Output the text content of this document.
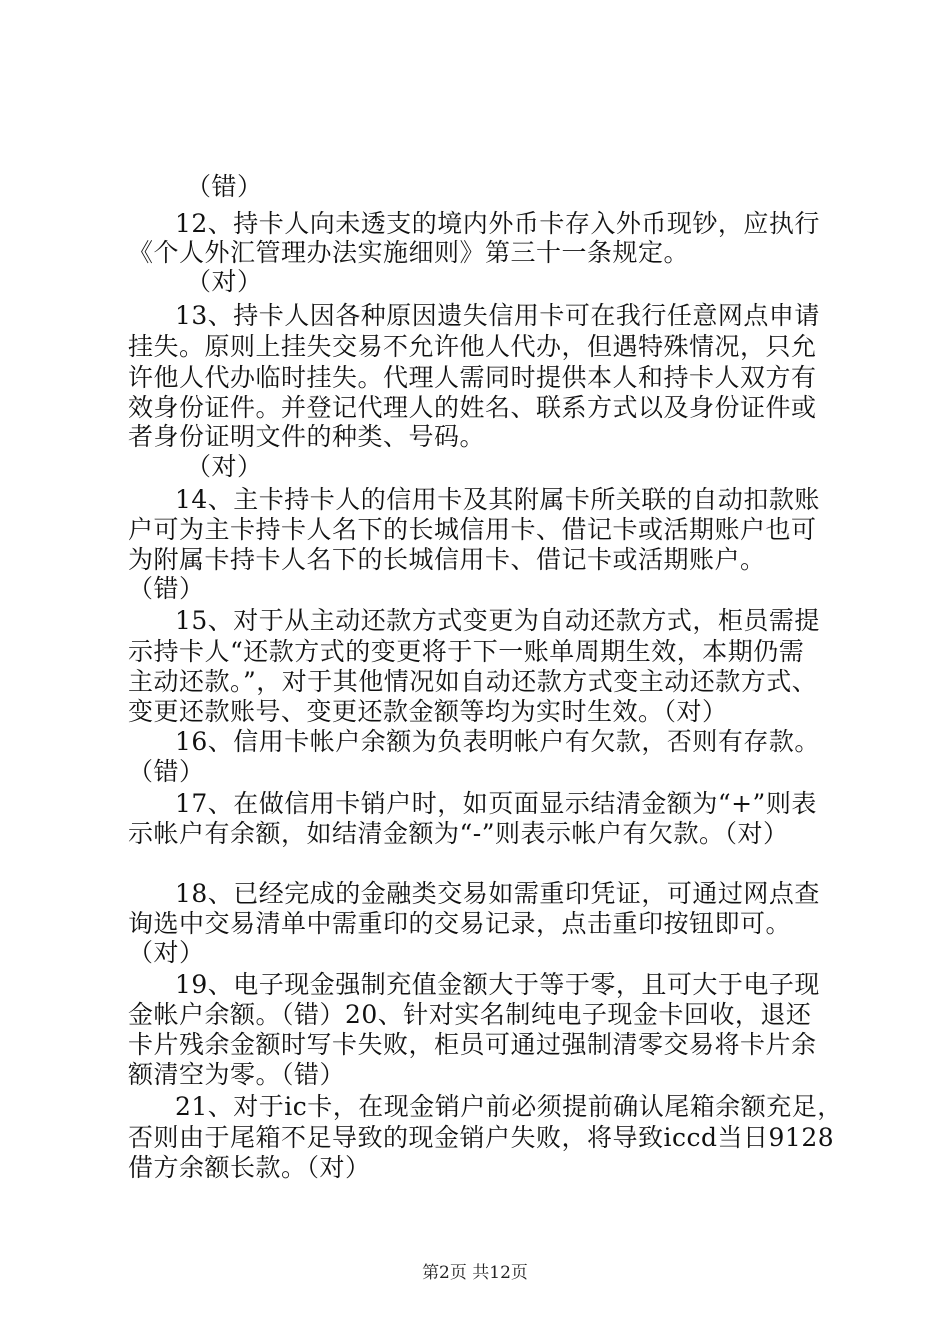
（错）
12、持卡人向未透支的境内外币卡存入外币现钞，应执行
《个人外汇管理办法实施细则》第三十一条规定。
（对）
13、持卡人因各种原因遗失信用卡可在我行任意网点申请
挂失。原则上挂失交易不允许他人代办，但遇特殊情况，只允
许他人代办临时挂失。代理人需同时提供本人和持卡人双方有
效身份证件。并登记代理人的姓名、联系方式以及身份证件或
者身份证明文件的种类、号码。
（对）
14、主卡持卡人的信用卡及其附属卡所关联的自动扣款账
户可为主卡持卡人名下的长城信用卡、借记卡或活期账户也可
为附属卡持卡人名下的长城信用卡、借记卡或活期账户。
（错）
15、对于从主动还款方式变更为自动还款方式，柜员需提
示持卡人“还款方式的变更将于下一账单周期生效，本期仍需
主动还款。”，对于其他情况如自动还款方式变主动还款方式、
变更还款账号、变更还款金额等均为实时生效。（对）
16、信用卡帐户余额为负表明帐户有欠款，否则有存款。
（错）
17、在做信用卡销户时，如页面显示结清金额为“+”则表
示帐户有余额，如结清金额为“-”则表示帐户有欠款。（对）
18、已经完成的金融类交易如需重印凭证，可通过网点查
询选中交易清单中需重印的交易记录，点击重印按钮即可。
（对）
19、电子现金强制充值金额大于等于零，且可大于电子现
金帐户余额。（错）20、针对实名制纯电子现金卡回收，退还
卡片残余金额时写卡失败，柜员可通过强制清零交易将卡片余
额清空为零。（错）
21、对于ic卡，在现金销户前必须提前确认尾箱余额充足，
否则由于尾箱不足导致的现金销户失败，将导致iccd当日9128
借方余额长款。（对）
第2页 共12页
